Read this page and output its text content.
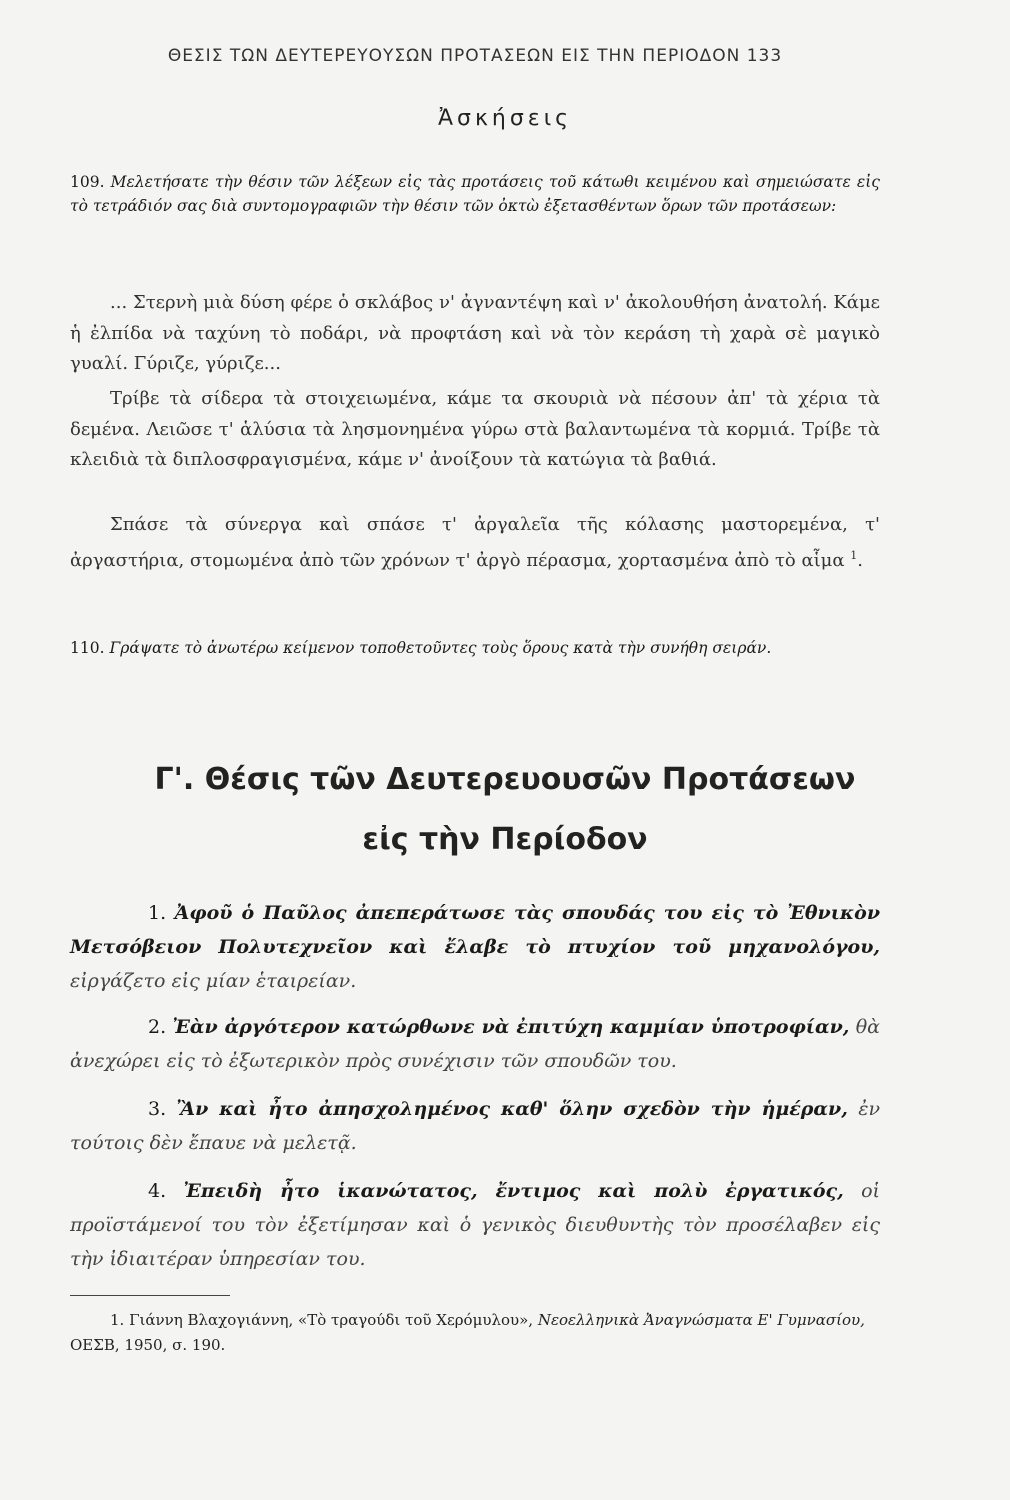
ΘΕΣΙΣ ΤΩΝ ΔΕΥΤΕΡΕΥΟΥΣΩΝ ΠΡΟΤΑΣΕΩΝ ΕΙΣ ΤΗΝ ΠΕΡΙΟΔΟΝ 133
Ἀσκήσεις
109. Μελετήσατε τὴν θέσιν τῶν λέξεων εἰς τὰς προτάσεις τοῦ κάτωθι κειμένου καὶ σημειώσατε εἰς τὸ τετράδιόν σας διὰ συντομογραφιῶν τὴν θέσιν τῶν ὀκτὼ ἐξετασθέντων ὅρων τῶν προτάσεων:
... Στερνὴ μιὰ δύση φέρε ὁ σκλάβος ν' ἀγναντέψη καὶ ν' ἀκολουθήση ἀνατολή. Κάμε ἡ ἐλπίδα νὰ ταχύνη τὸ ποδάρι, νὰ προφτάση καὶ νὰ τὸν κεράση τὴ χαρὰ σὲ μαγικὸ γυαλί. Γύριζε, γύριζε...
Τρίβε τὰ σίδερα τὰ στοιχειωμένα, κάμε τα σκουριὰ νὰ πέσουν ἀπ' τὰ χέρια τὰ δεμένα. Λειῶσε τ' ἁλύσια τὰ λησμονημένα γύρω στὰ βαλαντωμένα τὰ κορμιά. Τρίβε τὰ κλειδιὰ τὰ διπλοσφραγισμένα, κάμε ν' ἀνοίξουν τὰ κατώγια τὰ βαθιά.
Σπάσε τὰ σύνεργα καὶ σπάσε τ' ἀργαλεῖα τῆς κόλασης μαστορεμένα, τ' ἀργαστήρια, στομωμένα ἀπὸ τῶν χρόνων τ' ἀργὸ πέρασμα, χορτασμένα ἀπὸ τὸ αἷμα $^1$.
110. Γράψατε τὸ ἀνωτέρω κείμενον τοποθετοῦντες τοὺς ὅρους κατὰ τὴν συνήθη σειράν.
Γ'. Θέσις τῶν Δευτερευουσῶν Προτάσεων
εἰς τὴν Περίοδον
1. Ἀφοῦ ὁ Παῦλος ἀπεπεράτωσε τὰς σπουδάς του εἰς τὸ Ἐθνικὸν Μετσόβειον Πολυτεχνεῖον καὶ ἔλαβε τὸ πτυχίον τοῦ μηχανολόγου, εἰργάζετο εἰς μίαν ἑταιρείαν.
2. Ἐὰν ἀργότερον κατώρθωνε νὰ ἐπιτύχη καμμίαν ὑποτροφίαν, θὰ ἀνεχώρει εἰς τὸ ἐξωτερικὸν πρὸς συνέχισιν τῶν σπουδῶν του.
3. Ἂν καὶ ἦτο ἀπησχολημένος καθ' ὅλην σχεδὸν τὴν ἡμέραν, ἐν τούτοις δὲν ἔπαυε νὰ μελετᾷ.
4. Ἐπειδὴ ἦτο ἱκανώτατος, ἔντιμος καὶ πολὺ ἐργατικός, οἱ προϊστάμενοί του τὸν ἐξετίμησαν καὶ ὁ γενικὸς διευθυντὴς τὸν προσέλαβεν εἰς τὴν ἰδιαιτέραν ὑπηρεσίαν του.
1. Γιάννη Βλαχογιάννη, «Τὸ τραγούδι τοῦ Χερόμυλου», Νεοελληνικὰ Ἀναγνώσματα Ε' Γυμνασίου, ΟΕΣΒ, 1950, σ. 190.
